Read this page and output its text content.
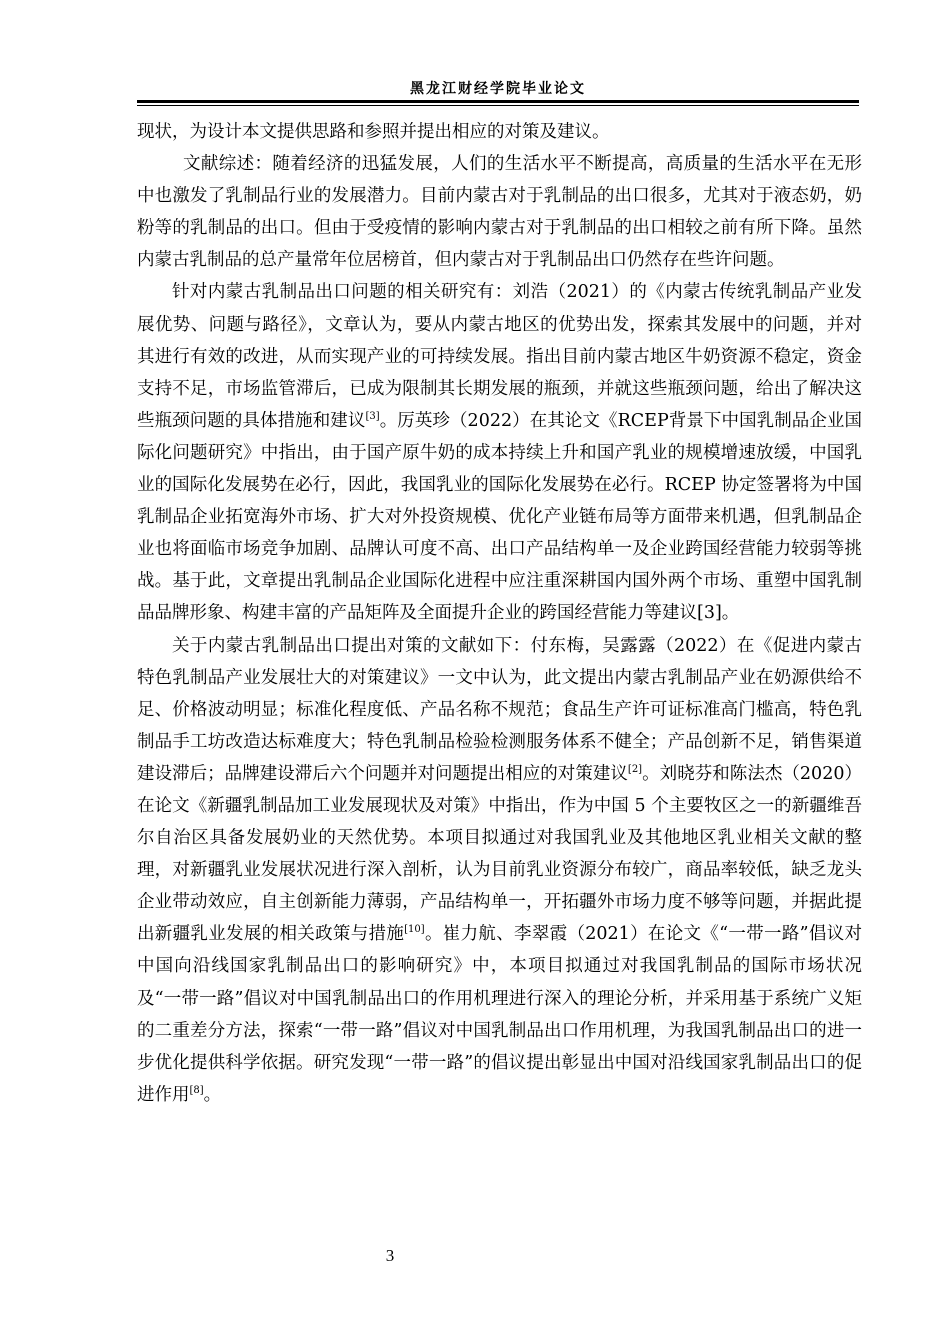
黑龙江财经学院毕业论文

现状，为设计本文提供思路和参照并提出相应的对策及建议。

文献综述：随着经济的迅猛发展，人们的生活水平不断提高，高质量的生活水平在无形中也激发了乳制品行业的发展潜力。目前内蒙古对于乳制品的出口很多，尤其对于液态奶，奶粉等的乳制品的出口。但由于受疫情的影响内蒙古对于乳制品的出口相较之前有所下降。虽然内蒙古乳制品的总产量常年位居榜首，但内蒙古对于乳制品出口仍然存在些许问题。

针对内蒙古乳制品出口问题的相关研究有：刘浩（2021）的《内蒙古传统乳制品产业发展优势、问题与路径》，文章认为，要从内蒙古地区的优势出发，探索其发展中的问题，并对其进行有效的改进，从而实现产业的可持续发展。指出目前内蒙古地区牛奶资源不稳定，资金支持不足，市场监管滞后，已成为限制其长期发展的瓶颈，并就这些瓶颈问题，给出了解决这些瓶颈问题的具体措施和建议[3]。厉英珍（2022）在其论文《RCEP背景下中国乳制品企业国际化问题研究》中指出，由于国产原牛奶的成本持续上升和国产乳业的规模增速放缓，中国乳业的国际化发展势在必行，因此，我国乳业的国际化发展势在必行。RCEP 协定签署将为中国乳制品企业拓宽海外市场、扩大对外投资规模、优化产业链布局等方面带来机遇，但乳制品企业也将面临市场竞争加剧、品牌认可度不高、出口产品结构单一及企业跨国经营能力较弱等挑战。基于此，文章提出乳制品企业国际化进程中应注重深耕国内国外两个市场、重塑中国乳制品品牌形象、构建丰富的产品矩阵及全面提升企业的跨国经营能力等建议[3]。

关于内蒙古乳制品出口提出对策的文献如下：付东梅，吴露露（2022）在《促进内蒙古特色乳制品产业发展壮大的对策建议》一文中认为，此文提出内蒙古乳制品产业在奶源供给不足、价格波动明显；标准化程度低、产品名称不规范；食品生产许可证标准高门槛高，特色乳制品手工坊改造达标难度大；特色乳制品检验检测服务体系不健全；产品创新不足，销售渠道建设滞后；品牌建设滞后六个问题并对问题提出相应的对策建议[2]。刘晓芬和陈法杰（2020）在论文《新疆乳制品加工业发展现状及对策》中指出，作为中国 5 个主要牧区之一的新疆维吾尔自治区具备发展奶业的天然优势。本项目拟通过对我国乳业及其他地区乳业相关文献的整理，对新疆乳业发展状况进行深入剖析，认为目前乳业资源分布较广，商品率较低，缺乏龙头企业带动效应，自主创新能力薄弱，产品结构单一，开拓疆外市场力度不够等问题，并据此提出新疆乳业发展的相关政策与措施[10]。崔力航、李翠霞（2021）在论文《“一带一路”倡议对中国向沿线国家乳制品出口的影响研究》中，本项目拟通过对我国乳制品的国际市场状况及“一带一路”倡议对中国乳制品出口的作用机理进行深入的理论分析，并采用基于系统广义矩的二重差分方法，探索“一带一路”倡议对中国乳制品出口作用机理，为我国乳制品出口的进一步优化提供科学依据。研究发现“一带一路”的倡议提出彰显出中国对沿线国家乳制品出口的促进作用[8]。

3
